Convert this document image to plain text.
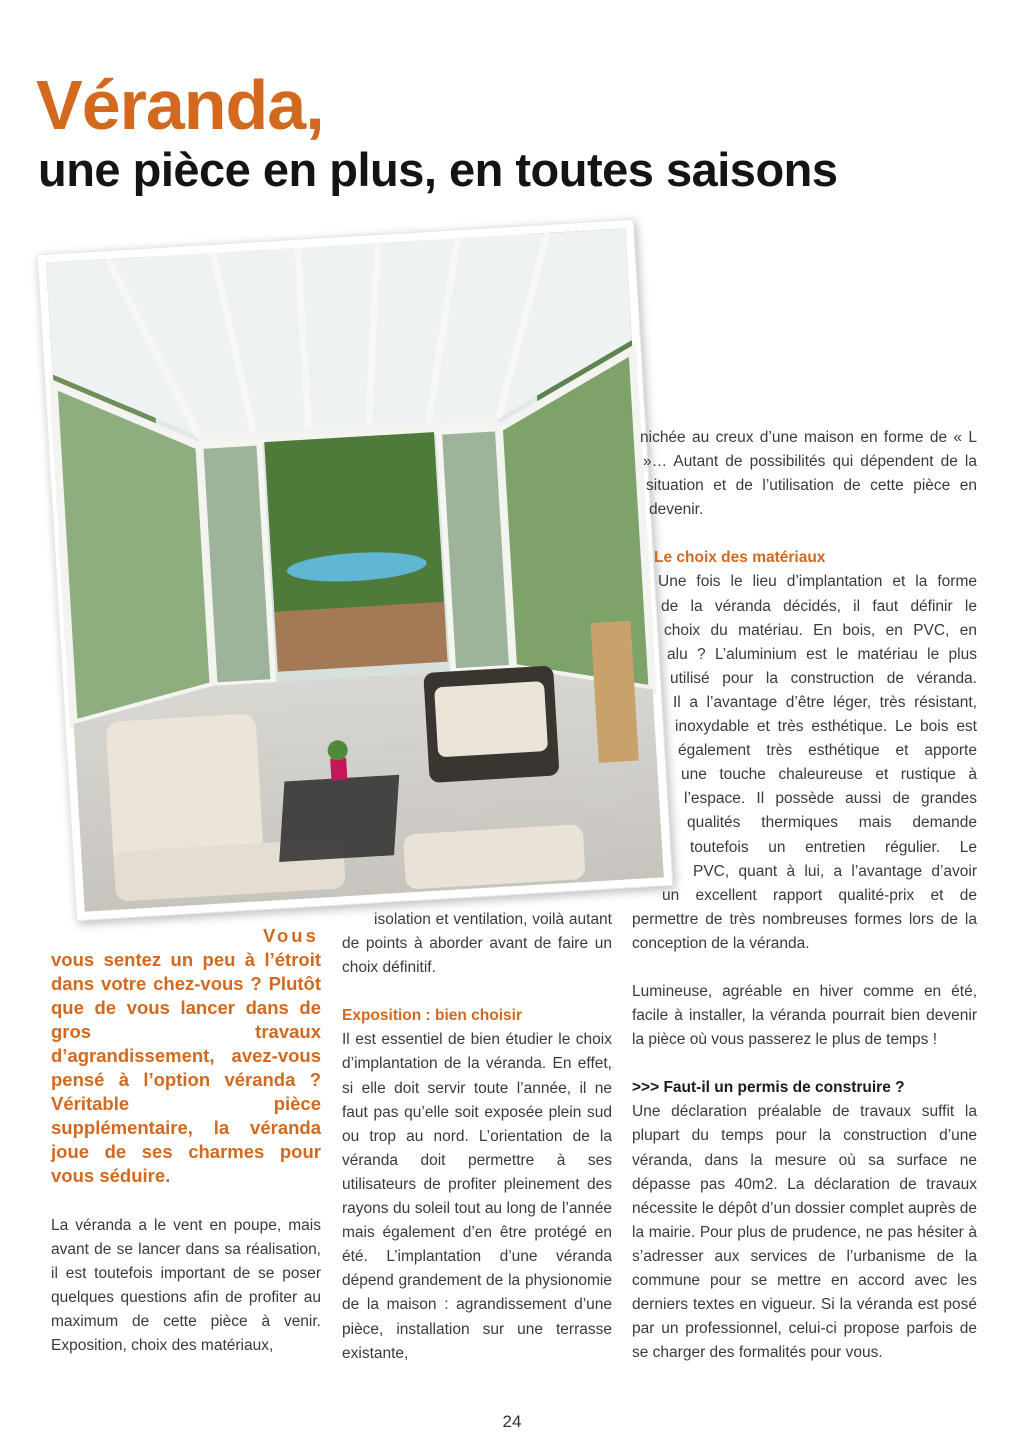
Véranda,
une pièce en plus, en toutes saisons

Vous vous sentez un peu à l’étroit dans votre chez-vous ? Plutôt que de vous lancer dans de gros travaux d’agrandissement, avez-vous pensé à l’option véranda ? Véritable pièce supplémentaire, la véranda joue de ses charmes pour vous séduire.

La véranda a le vent en poupe, mais avant de se lancer dans sa réalisation, il est toutefois important de se poser quelques questions afin de profiter au maximum de cette pièce à venir. Exposition, choix des matériaux,

isolation et ventilation, voilà autant de points à aborder avant de faire un choix définitif.

Exposition : bien choisir

Il est essentiel de bien étudier le choix d’implantation de la véranda. En effet, si elle doit servir toute l’année, il ne faut pas qu’elle soit exposée plein sud ou trop au nord. L’orientation de la véranda doit permettre à ses utilisateurs de profiter pleinement des rayons du soleil tout au long de l’année mais également d’en être protégé en été. L’implantation d’une véranda dépend grandement de la physionomie de la maison : agrandissement d’une pièce, installation sur une terrasse existante,

nichée au creux d’une maison en forme de « L
»… Autant de possibilités qui dépendent de la
situation et de l’utilisation de cette pièce en
devenir.
Le choix des matériaux
Une fois le lieu d’implantation et la forme
de la véranda décidés, il faut définir le
choix du matériau. En bois, en PVC, en
alu ? L’aluminium est le matériau le plus
utilisé pour la construction de véranda.
Il a l’avantage d’être léger, très résistant,
inoxydable et très esthétique. Le bois est
également très esthétique et apporte
une touche chaleureuse et rustique à
l’espace. Il possède aussi de grandes
qualités thermiques mais demande
toutefois un entretien régulier. Le
PVC, quant à lui, a l’avantage d’avoir
un excellent rapport qualité-prix et de
permettre de très nombreuses formes lors de la
conception de la véranda.

Lumineuse, agréable en hiver comme en été, facile à installer, la véranda pourrait bien devenir la pièce où vous passerez le plus de temps !

>>> Faut-il un permis de construire ?

Une déclaration préalable de travaux suffit la plupart du temps pour la construction d’une véranda, dans la mesure où sa surface ne dépasse pas 40m2. La déclaration de travaux nécessite le dépôt d’un dossier complet auprès de la mairie. Pour plus de prudence, ne pas hésiter à s’adresser aux services de l’urbanisme de la commune pour se mettre en accord avec les derniers textes en vigueur. Si la véranda est posé par un professionnel, celui-ci propose parfois de se charger des formalités pour vous.

24
